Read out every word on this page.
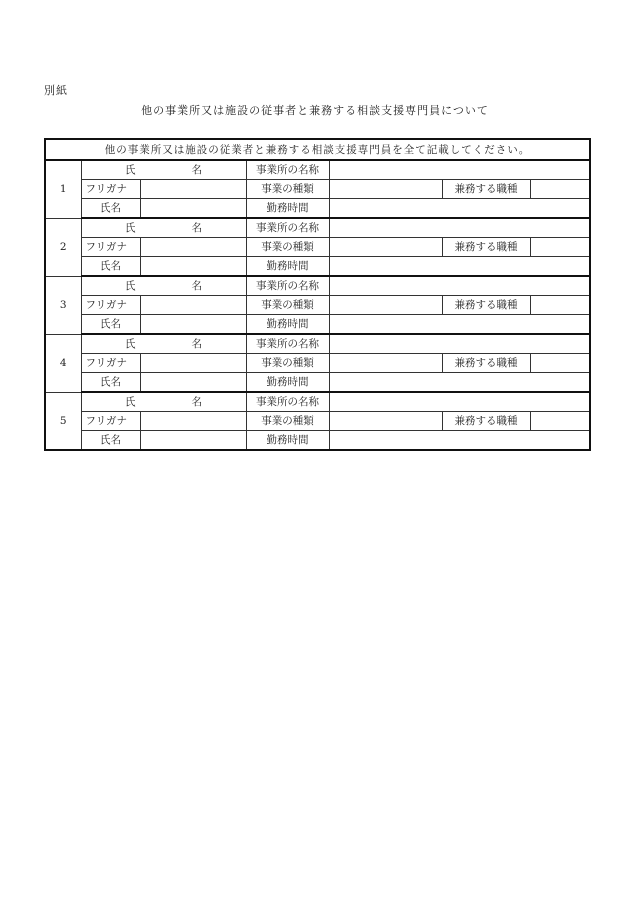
別紙
他の事業所又は施設の従事者と兼務する相談支援専門員について
他の事業所又は施設の従業者と兼務する相談支援専門員を全て記載してください。						
1	氏 名		事業所の名称			
	フリガナ		事業の種類		兼務する職種	
	氏名		勤務時間			
2	氏 名		事業所の名称			
	フリガナ		事業の種類		兼務する職種	
	氏名		勤務時間			
3	氏 名		事業所の名称			
	フリガナ		事業の種類		兼務する職種	
	氏名		勤務時間			
4	氏 名		事業所の名称			
	フリガナ		事業の種類		兼務する職種	
	氏名		勤務時間			
5	氏 名		事業所の名称			
	フリガナ		事業の種類		兼務する職種	
	氏名		勤務時間			
